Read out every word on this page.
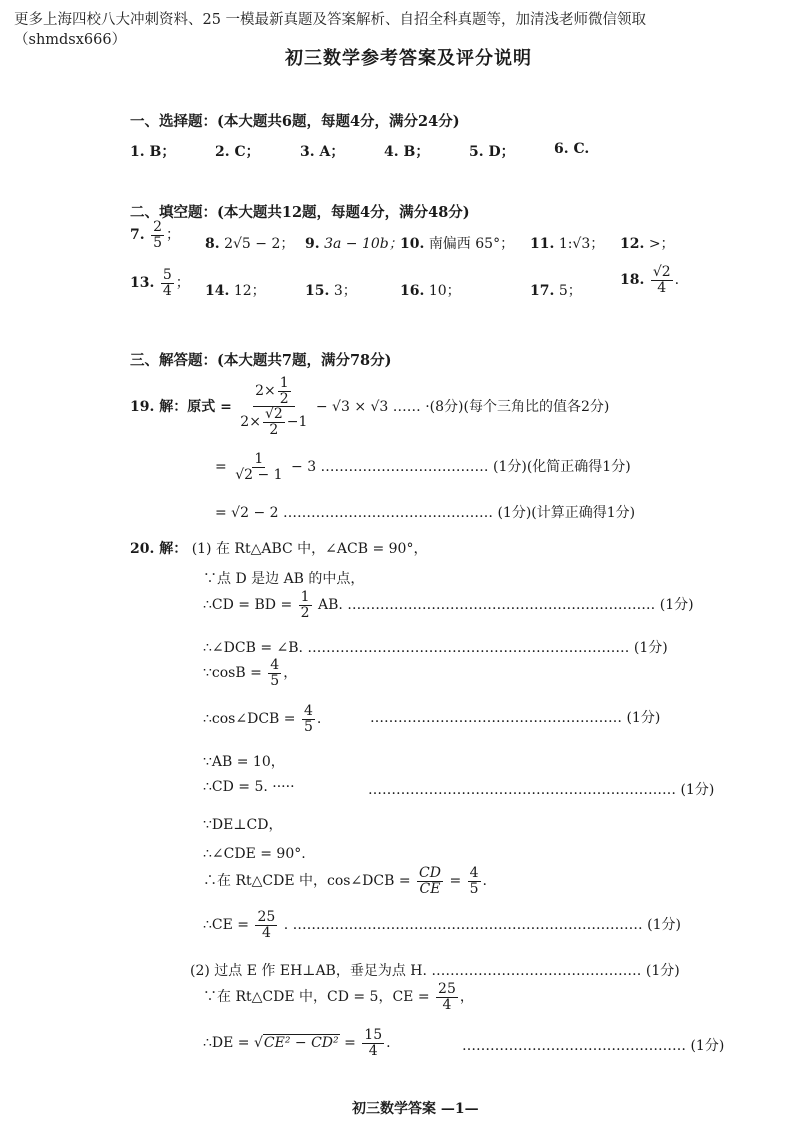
更多上海四校八大冲刺资料、25 一模最新真题及答案解析、自招全科真题等，加清浅老师微信领取
（shmdsx666）
初三数学参考答案及评分说明
一、选择题：(本大题共6题，每题4分，满分24分)
1. B；	2. C；	3. A；	4. B；	5. D；	6. C.
二、填空题：(本大题共12题，每题4分，满分48分)
7. $\frac{2}{5}$ ；
8. 2√5 − 2； 9. 3a − 10b；
10. 南偏西 65°； 11. 1:√3； 12. >；
13. $\frac{5}{4}$ ； 14. 12；	15. 3；	16. 10；	17. 5；
18. $\frac{√2}{4}$ .
三、解答题：(本大题共7题，满分78分)
19. 解：原式 = $\frac{2\times \frac{1}{2}}{2\times \frac{√2}{2} -1} - √3 \times √3$ …… ·(8分)(每个三角比的值各2分)
= $\frac{1}{√2 - 1} - 3$ ……………………………… (1分)(化简正确得1分)
= √2 − 2 ……………………………………… (1分)(计算正确得1分)
20. 解： (1) 在 Rt△ABC 中，∠ACB = 90°，
∵点 D 是边 AB 的中点，
∴CD = BD = $\frac{1}{2}$ AB. ………………………………………………………… (1分)
∴∠DCB = ∠B. …………………………………………………………… (1分)
∵cosB = $\frac{4}{5}$ ，
∴cos∠DCB = $\frac{4}{5}$ .	……………………………………………… (1分)
∵AB = 10，
∴CD = 5. ·····	………………………………………………………… (1分)
∵DE⊥CD，
∴∠CDE = 90°.
∴在 Rt△CDE 中，cos∠DCB = $\frac{CD}{CE} = \frac{4}{5}$ .
∴CE = $\frac{25}{4}$ . ………………………………………………………………… (1分)
(2) 过点 E 作 EH⊥AB，垂足为点 H. ……………………………………… (1分)
∵在 Rt△CDE 中，CD = 5，CE = $\frac{25}{4}$ ，
∴DE = $√CE^2 - CD^2 = \frac{15}{4}$ .	………………………………………… (1分)
初三数学答案 —1—
